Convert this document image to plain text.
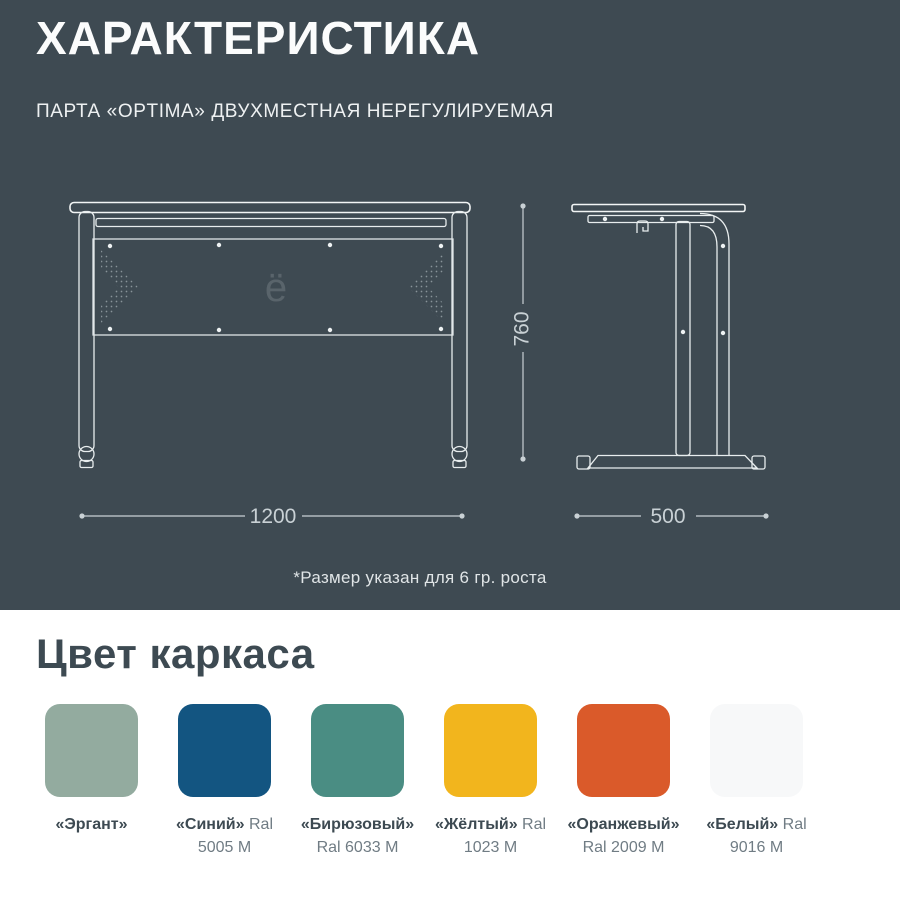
ХАРАКТЕРИСТИКА

ПАРТА «OPTIMA» ДВУХМЕСТНАЯ НЕРЕГУЛИРУЕМАЯ

ё
760
1200	500
*Размер указан для 6 гр. роста
Цвет каркаса
«Эргант»	«Синий» Ral 5005 M
«Бирюзовый» Ral 6033 M
«Жёлтый» Ral 1023 M
«Оранжевый» Ral 2009 M
«Белый» Ral 9016 M
